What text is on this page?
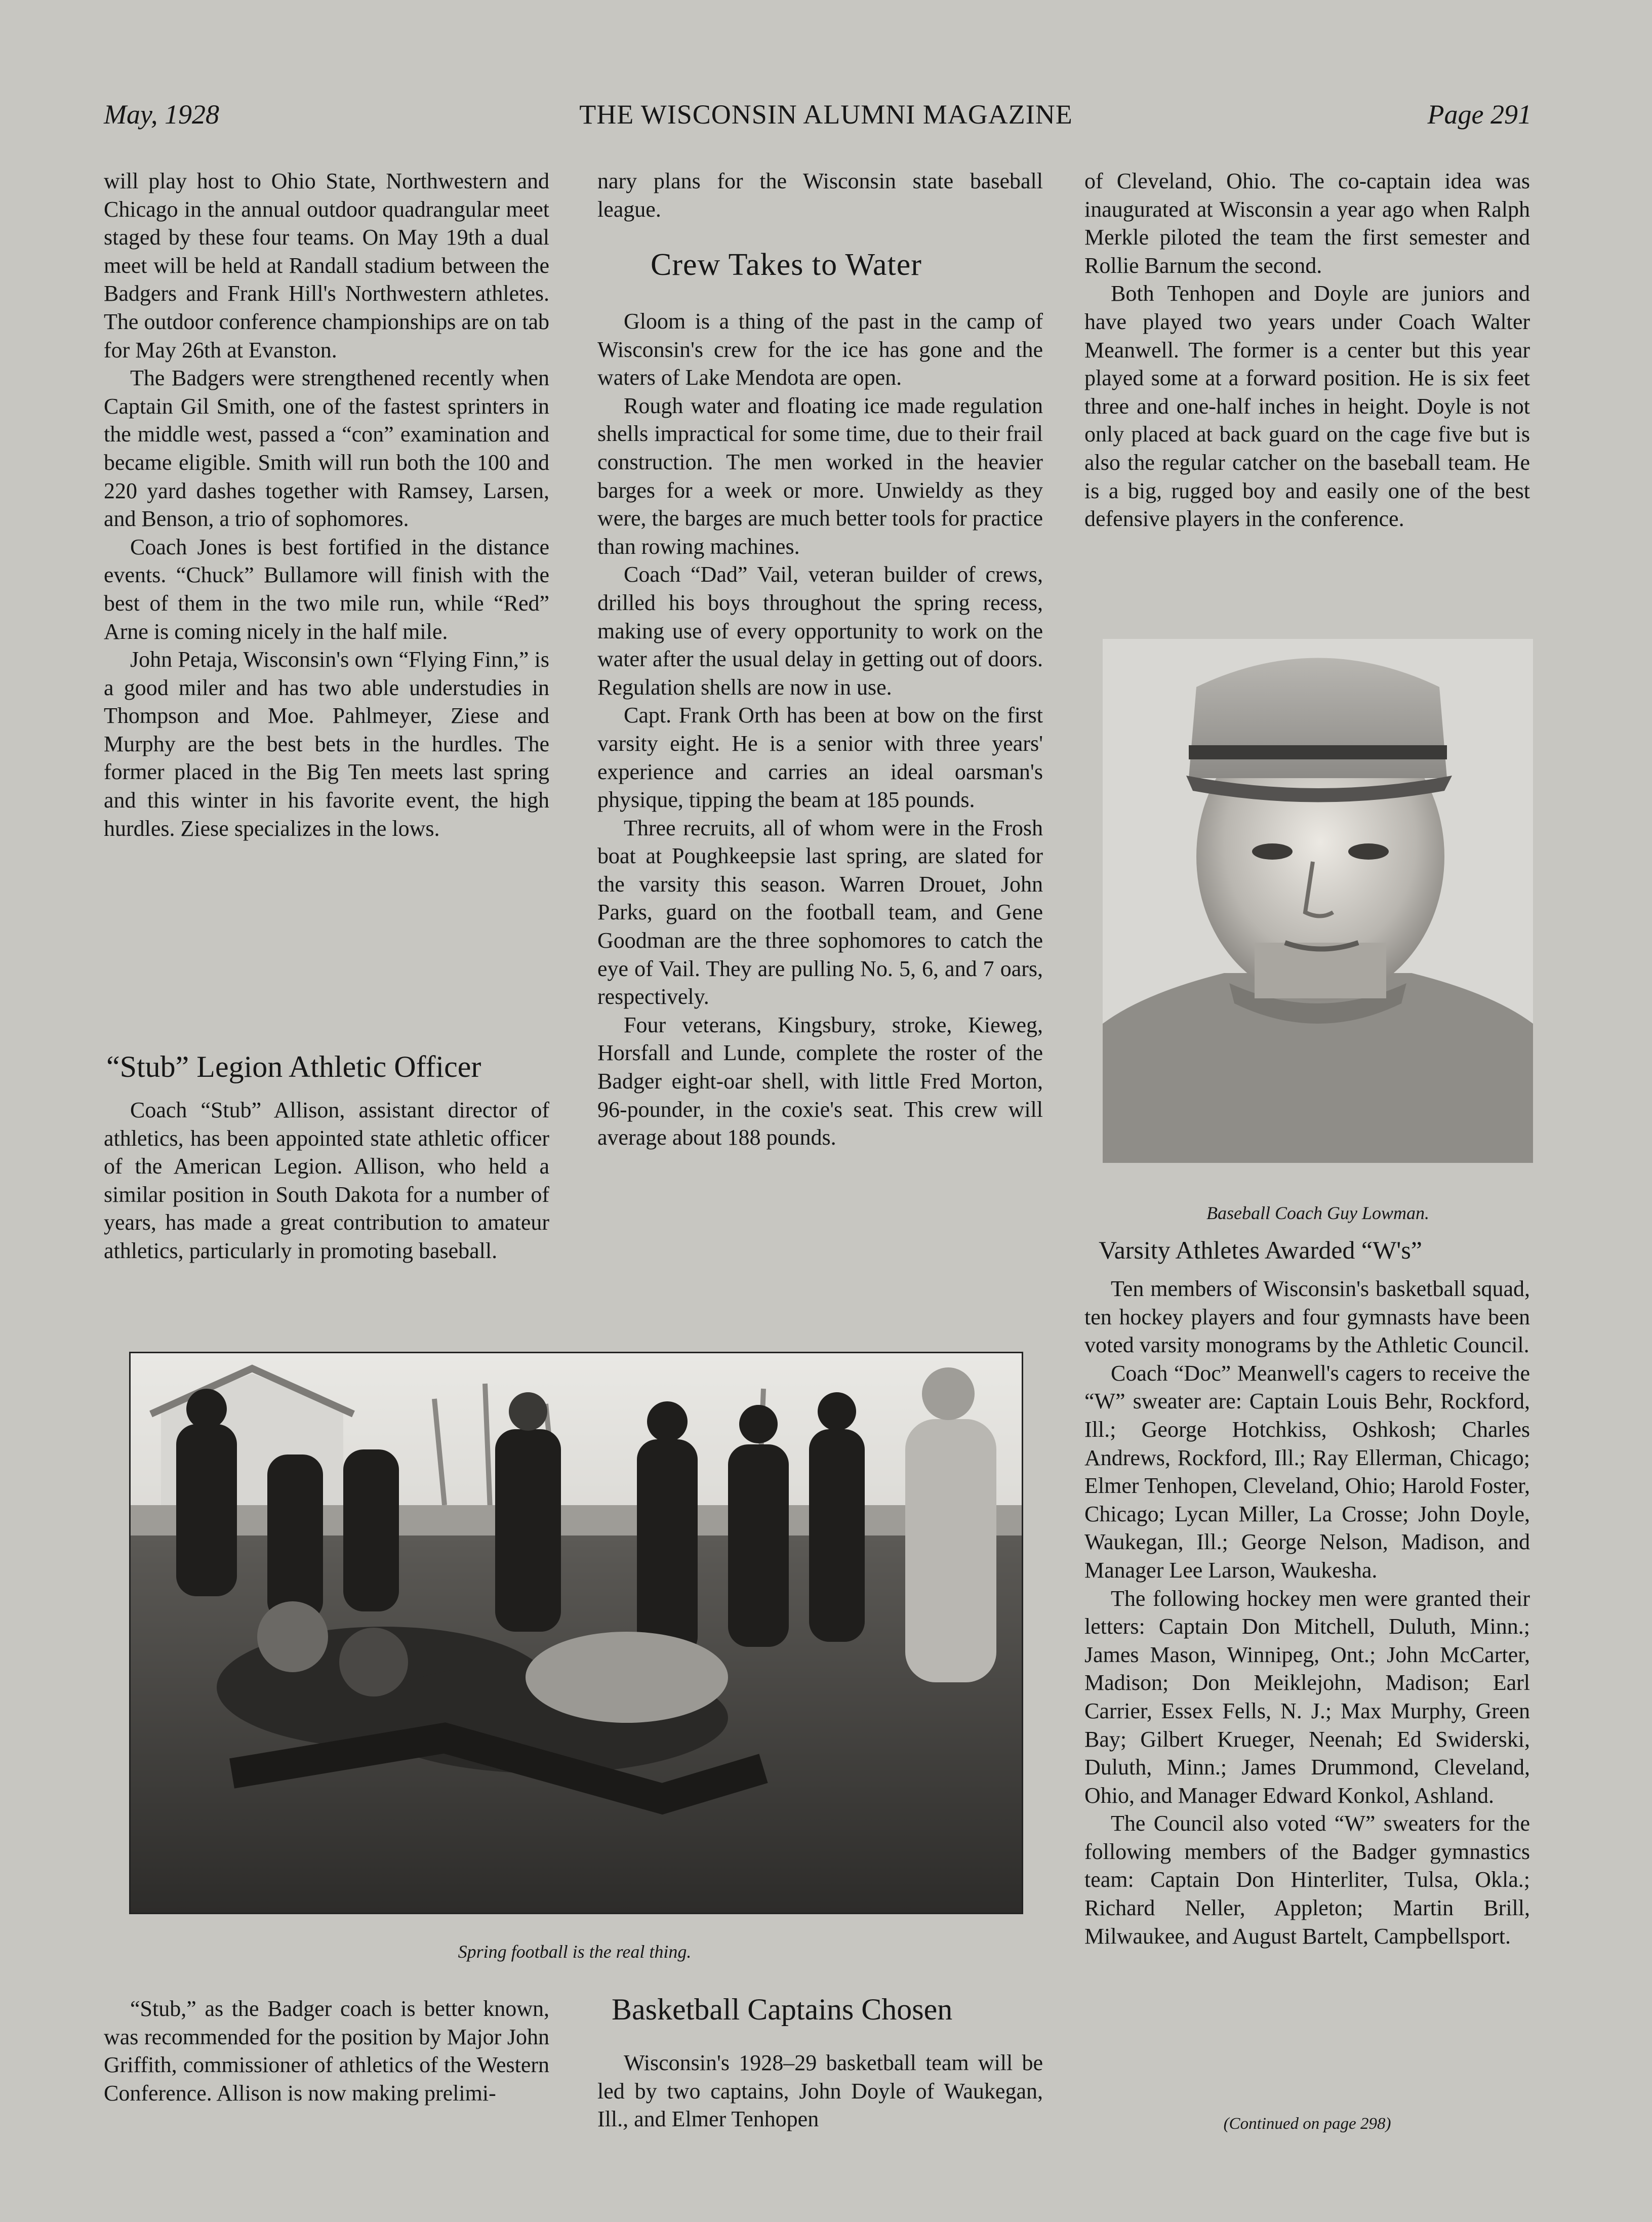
May, 1928	THE WISCONSIN ALUMNI MAGAZINE	Page 291

will play host to Ohio State, Northwestern and Chicago in the annual outdoor quadrangular meet staged by these four teams. On May 19th a dual meet will be held at Randall stadium between the Badgers and Frank Hill's Northwestern athletes. The outdoor conference championships are on tab for May 26th at Evanston.

The Badgers were strengthened recently when Captain Gil Smith, one of the fastest sprinters in the middle west, passed a “con” examination and became eligible. Smith will run both the 100 and 220 yard dashes together with Ramsey, Larsen, and Benson, a trio of sophomores.

Coach Jones is best fortified in the distance events. “Chuck” Bullamore will finish with the best of them in the two mile run, while “Red” Arne is coming nicely in the half mile.

John Petaja, Wisconsin's own “Flying Finn,” is a good miler and has two able understudies in Thompson and Moe. Pahlmeyer, Ziese and Murphy are the best bets in the hurdles. The former placed in the Big Ten meets last spring and this winter in his favorite event, the high hurdles. Ziese specializes in the lows.

“Stub” Legion Athletic Officer

Coach “Stub” Allison, assistant director of athletics, has been appointed state athletic officer of the American Legion. Allison, who held a similar position in South Dakota for a number of years, has made a great contribution to amateur athletics, particularly in promoting baseball.

nary plans for the Wisconsin state baseball league.

Crew Takes to Water

Gloom is a thing of the past in the camp of Wisconsin's crew for the ice has gone and the waters of Lake Mendota are open.

Rough water and floating ice made regulation shells impractical for some time, due to their frail construction. The men worked in the heavier barges for a week or more. Unwieldy as they were, the barges are much better tools for practice than rowing machines.

Coach “Dad” Vail, veteran builder of crews, drilled his boys throughout the spring recess, making use of every opportunity to work on the water after the usual delay in getting out of doors. Regulation shells are now in use.

Capt. Frank Orth has been at bow on the first varsity eight. He is a senior with three years' experience and carries an ideal oarsman's physique, tipping the beam at 185 pounds.

Three recruits, all of whom were in the Frosh boat at Poughkeepsie last spring, are slated for the varsity this season. Warren Drouet, John Parks, guard on the football team, and Gene Goodman are the three sophomores to catch the eye of Vail. They are pulling No. 5, 6, and 7 oars, respectively.

Four veterans, Kingsbury, stroke, Kieweg, Horsfall and Lunde, complete the roster of the Badger eight-oar shell, with little Fred Morton, 96-pounder, in the coxie's seat. This crew will average about 188 pounds.

of Cleveland, Ohio. The co-captain idea was inaugurated at Wisconsin a year ago when Ralph Merkle piloted the team the first semester and Rollie Barnum the second.

Both Tenhopen and Doyle are juniors and have played two years under Coach Walter Meanwell. The former is a center but this year played some at a forward position. He is six feet three and one-half inches in height. Doyle is not only placed at back guard on the cage five but is also the regular catcher on the baseball team. He is a big, rugged boy and easily one of the best defensive players in the conference.

Baseball Coach Guy Lowman.
Varsity Athletes Awarded “W's”

Ten members of Wisconsin's basketball squad, ten hockey players and four gymnasts have been voted varsity monograms by the Athletic Council.

Coach “Doc” Meanwell's cagers to receive the “W” sweater are: Captain Louis Behr, Rockford, Ill.; George Hotchkiss, Oshkosh; Charles Andrews, Rockford, Ill.; Ray Ellerman, Chicago; Elmer Tenhopen, Cleveland, Ohio; Harold Foster, Chicago; Lycan Miller, La Crosse; John Doyle, Waukegan, Ill.; George Nelson, Madison, and Manager Lee Larson, Waukesha.

The following hockey men were granted their letters: Captain Don Mitchell, Duluth, Minn.; James Mason, Winnipeg, Ont.; John McCarter, Madison; Don Meiklejohn, Madison; Earl Carrier, Essex Fells, N. J.; Max Murphy, Green Bay; Gilbert Krueger, Neenah; Ed Swiderski, Duluth, Minn.; James Drummond, Cleveland, Ohio, and Manager Edward Konkol, Ashland.

The Council also voted “W” sweaters for the following members of the Badger gymnastics team: Captain Don Hinterliter, Tulsa, Okla.; Richard Neller, Appleton; Martin Brill, Milwaukee, and August Bartelt, Campbellsport.

(Continued on page 298)
Spring football is the real thing.

“Stub,” as the Badger coach is better known, was recommended for the position by Major John Griffith, commissioner of athletics of the Western Conference. Allison is now making prelimi-

Basketball Captains Chosen

Wisconsin's 1928–29 basketball team will be led by two captains, John Doyle of Waukegan, Ill., and Elmer Tenhopen
